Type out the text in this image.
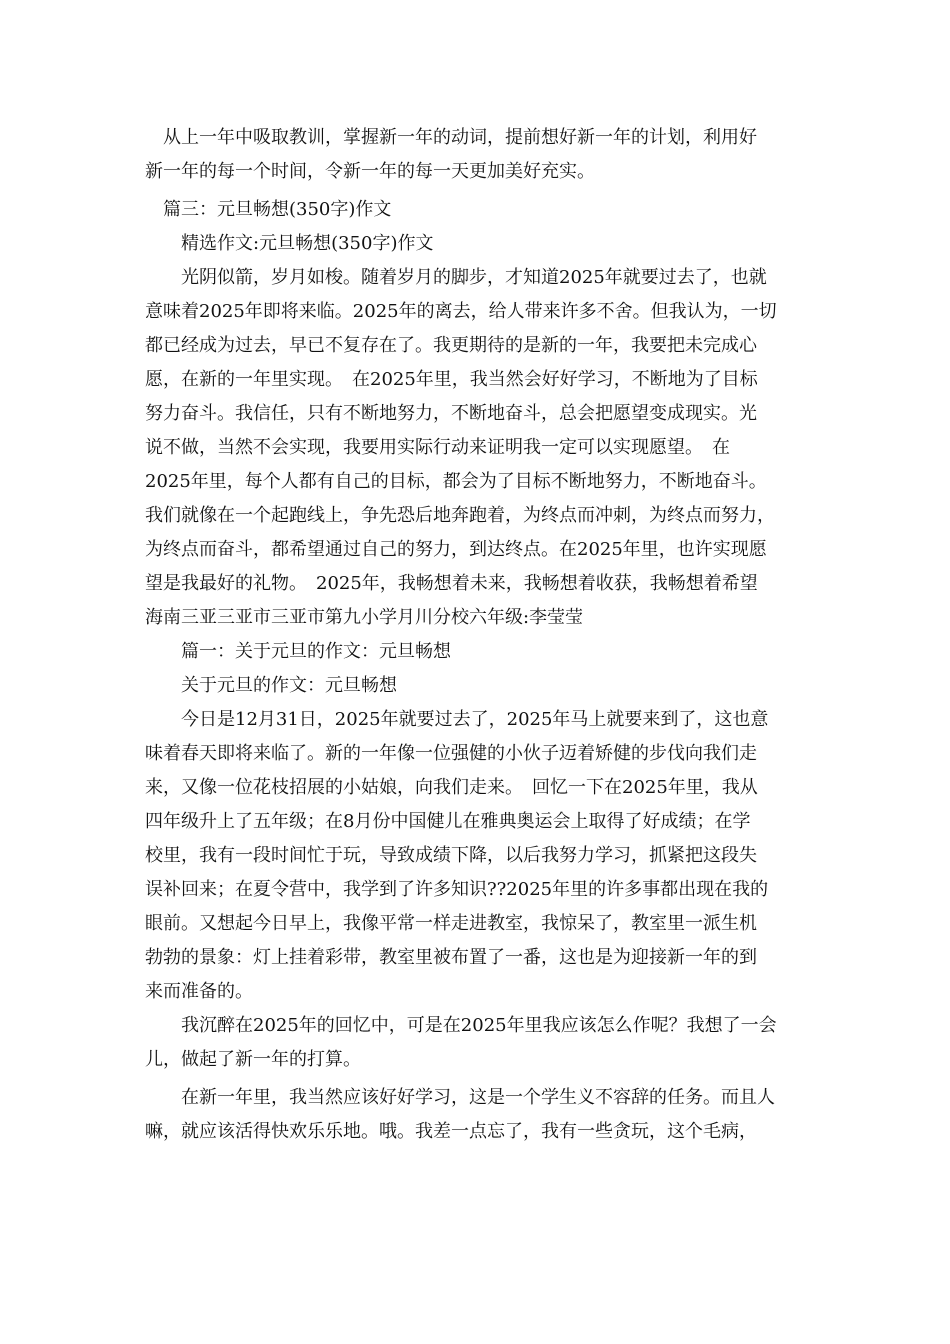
　从上一年中吸取教训，掌握新一年的动词，提前想好新一年的计划，利用好
新一年的每一个时间，令新一年的每一天更加美好充实。
　篇三：元旦畅想(350字)作文
　　精选作文:元旦畅想(350字)作文
　　光阴似箭，岁月如梭。随着岁月的脚步，才知道2025年就要过去了，也就
意味着2025年即将来临。2025年的离去，给人带来许多不舍。但我认为，一切
都已经成为过去，早已不复存在了。我更期待的是新的一年，我要把未完成心
愿，在新的一年里实现。　在2025年里，我当然会好好学习，不断地为了目标
努力奋斗。我信任，只有不断地努力，不断地奋斗，总会把愿望变成现实。光
说不做，当然不会实现，我要用实际行动来证明我一定可以实现愿望。　在
2025年里，每个人都有自己的目标，都会为了目标不断地努力，不断地奋斗。
我们就像在一个起跑线上，争先恐后地奔跑着，为终点而冲刺，为终点而努力，
为终点而奋斗，都希望通过自己的努力，到达终点。在2025年里，也许实现愿
望是我最好的礼物。　2025年，我畅想着未来，我畅想着收获，我畅想着希望
海南三亚三亚市三亚市第九小学月川分校六年级:李莹莹
　　篇一：关于元旦的作文：元旦畅想
　　关于元旦的作文：元旦畅想
　　今日是12月31日，2025年就要过去了，2025年马上就要来到了，这也意
味着春天即将来临了。新的一年像一位强健的小伙子迈着矫健的步伐向我们走
来，又像一位花枝招展的小姑娘，向我们走来。　回忆一下在2025年里，我从
四年级升上了五年级；在8月份中国健儿在雅典奥运会上取得了好成绩；在学
校里，我有一段时间忙于玩，导致成绩下降，以后我努力学习，抓紧把这段失
误补回来；在夏令营中，我学到了许多知识??2025年里的许多事都出现在我的
眼前。又想起今日早上，我像平常一样走进教室，我惊呆了，教室里一派生机
勃勃的景象：灯上挂着彩带，教室里被布置了一番，这也是为迎接新一年的到
来而准备的。
　　我沉醉在2025年的回忆中，可是在2025年里我应该怎么作呢？我想了一会
儿，做起了新一年的打算。
　　在新一年里，我当然应该好好学习，这是一个学生义不容辞的任务。而且人
嘛，就应该活得快欢乐乐地。哦。我差一点忘了，我有一些贪玩，这个毛病，
